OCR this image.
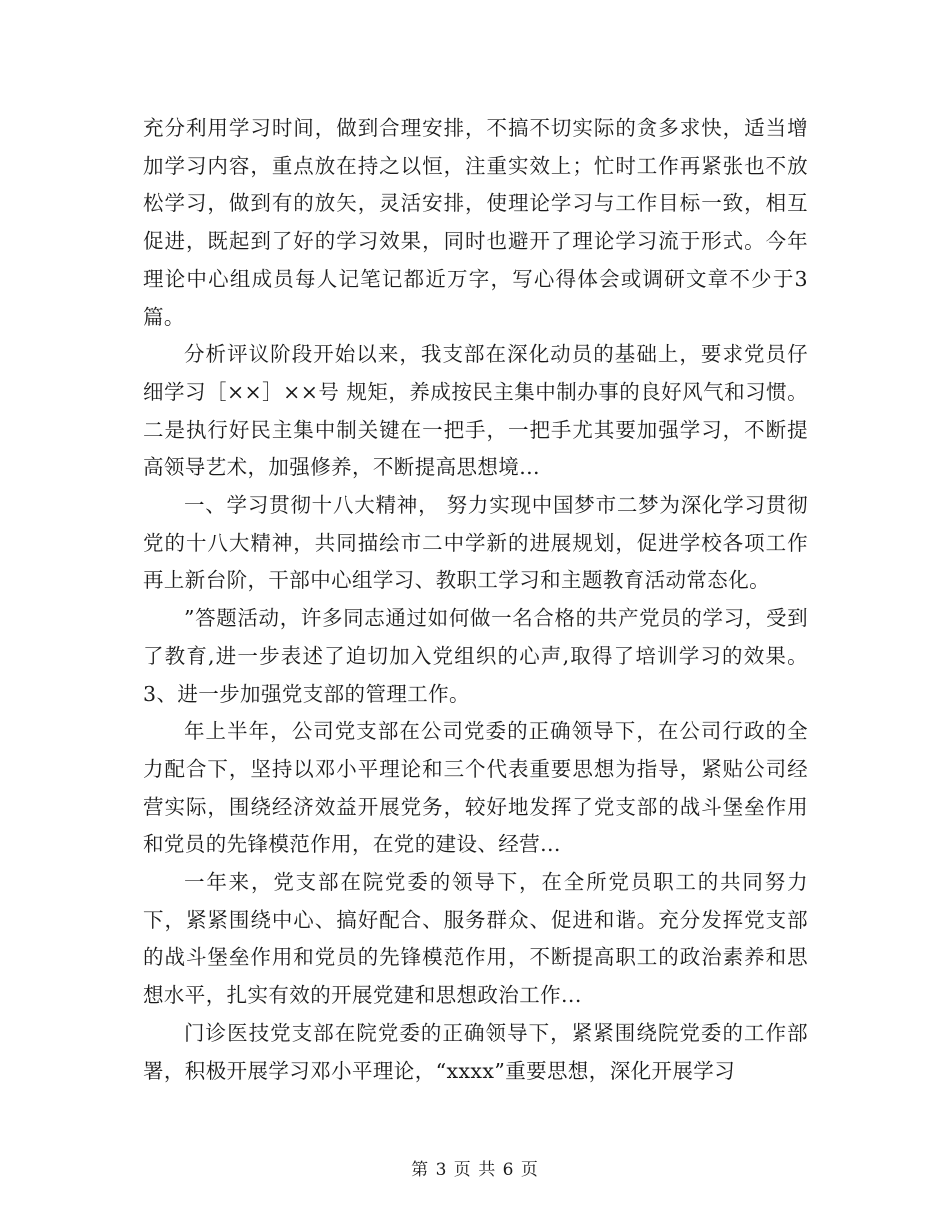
充分利用学习时间，做到合理安排，不搞不切实际的贪多求快，适当增加学习内容，重点放在持之以恒，注重实效上；忙时工作再紧张也不放松学习，做到有的放矢，灵活安排，使理论学习与工作目标一致，相互促进，既起到了好的学习效果，同时也避开了理论学习流于形式。今年理论中心组成员每人记笔记都近万字，写心得体会或调研文章不少于3篇。

分析评议阶段开始以来，我支部在深化动员的基础上，要求党员仔细学习［××］××号 规矩，养成按民主集中制办事的良好风气和习惯。二是执行好民主集中制关键在一把手，一把手尤其要加强学习，不断提高领导艺术，加强修养，不断提高思想境...

一、学习贯彻十八大精神， 努力实现中国梦市二梦为深化学习贯彻党的十八大精神，共同描绘市二中学新的进展规划，促进学校各项工作再上新台阶，干部中心组学习、教职工学习和主题教育活动常态化。

”答题活动，许多同志通过如何做一名合格的共产党员的学习，受到了教育,进一步表述了迫切加入党组织的心声,取得了培训学习的效果。3、进一步加强党支部的管理工作。

年上半年，公司党支部在公司党委的正确领导下，在公司行政的全力配合下，坚持以邓小平理论和三个代表重要思想为指导，紧贴公司经营实际，围绕经济效益开展党务，较好地发挥了党支部的战斗堡垒作用和党员的先锋模范作用，在党的建设、经营...

一年来，党支部在院党委的领导下，在全所党员职工的共同努力下，紧紧围绕中心、搞好配合、服务群众、促进和谐。充分发挥党支部的战斗堡垒作用和党员的先锋模范作用，不断提高职工的政治素养和思想水平，扎实有效的开展党建和思想政治工作...

门诊医技党支部在院党委的正确领导下，紧紧围绕院党委的工作部署，积极开展学习邓小平理论，“xxxx”重要思想，深化开展学习

第 3 页 共 6 页
